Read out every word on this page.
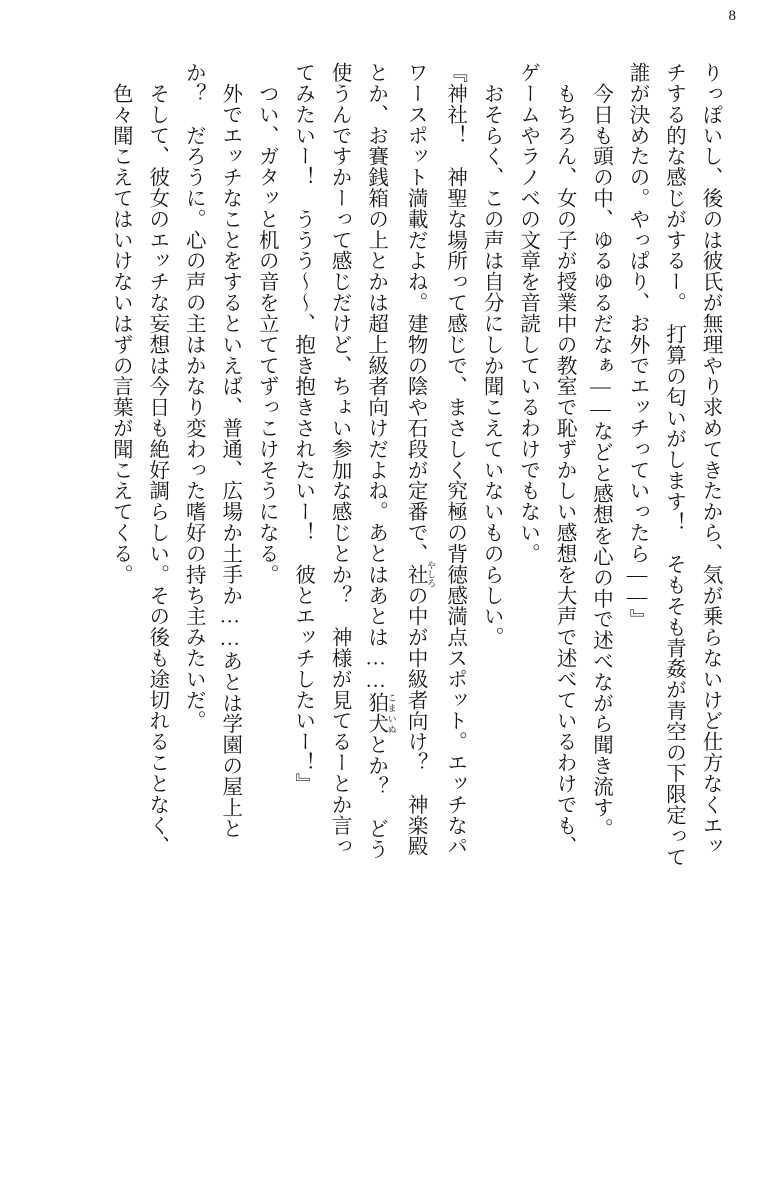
8

りっぽいし、後のは彼氏が無理やり求めてきたから、気が乗らないけど仕方なくエッ

チする的な感じがするー。　打算の匂いがします！　そもそも青姦が青空の下限定って

誰が決めたの。やっぱり、お外でエッチっていったら――』

　今日も頭の中、ゆるゆるだなぁ――などと感想を心の中で述べながら聞き流す。

　もちろん、女の子が授業中の教室で恥ずかしい感想を大声で述べているわけでも、

ゲームやラノベの文章を音読しているわけでもない。

　おそらく、この声は自分にしか聞こえていないものらしい。

『神社！　神聖な場所って感じで、まさしく究極の背徳感満点スポット。エッチなパ

ワースポット満載だよね。建物の陰や石段が定番で、社 やしろの中が中級者向け？　神楽殿

とか、お賽銭箱の上とかは超上級者向けだよね。あとはあとは……狛犬 こまいぬとか？　どう

使うんですかーって感じだけど、ちょい参加な感じとか？　神様が見てるーとか言っ

てみたいー！　ううう～～、抱き抱きされたいー！　彼とエッチしたいー！』

　つい、ガタッと机の音を立ててずっこけそうになる。

　外でエッチなことをするといえば、普通、広場か土手か……あとは学園の屋上と

か？　だろうに。心の声の主はかなり変わった嗜好の持ち主みたいだ。

　そして、彼女のエッチな妄想は今日も絶好調らしい。その後も途切れることなく、

　色々聞こえてはいけないはずの言葉が聞こえてくる。
